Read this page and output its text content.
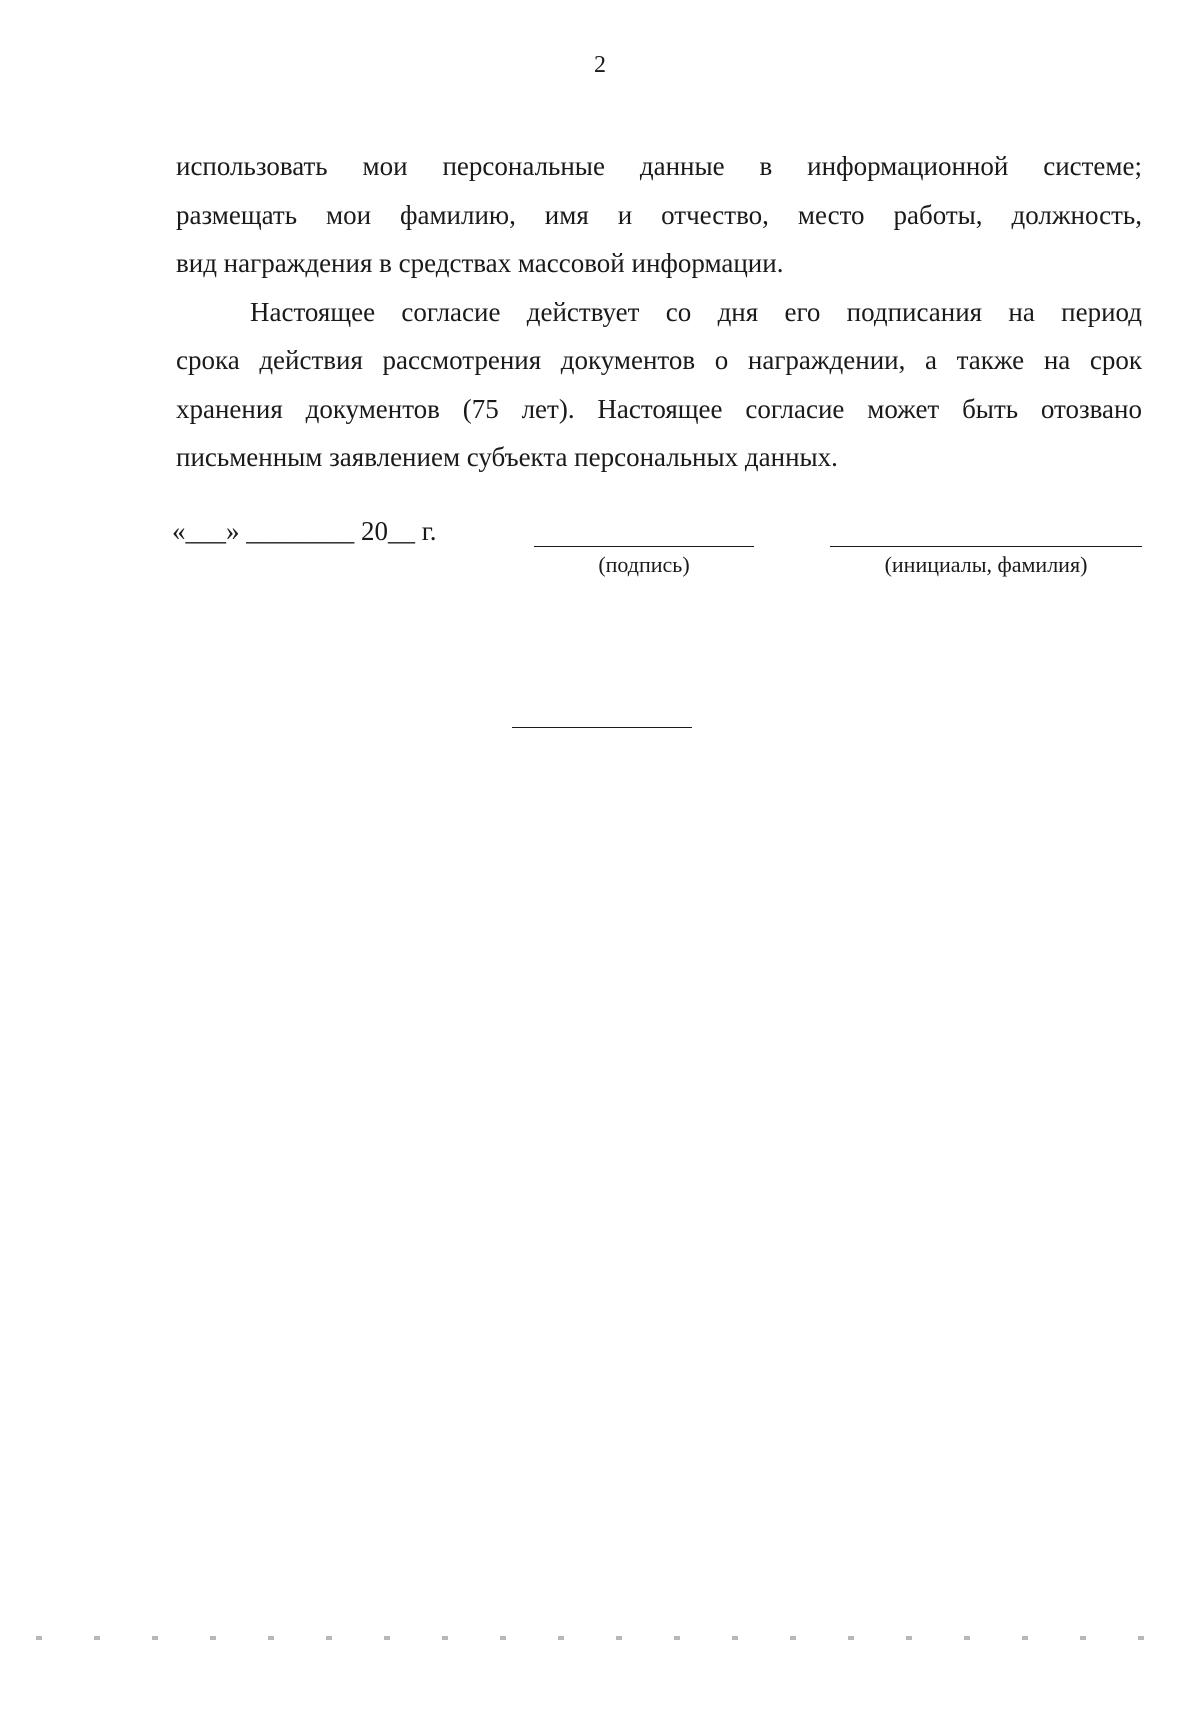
2

использовать мои персональные данные в информационной системе;
размещать мои фамилию, имя и отчество, место работы, должность,
вид награждения в средствах массовой информации.

Настоящее согласие действует со дня его подписания на период
срока действия рассмотрения документов о награждении, а также на срок
хранения документов (75 лет). Настоящее согласие может быть отозвано
письменным заявлением субъекта персональных данных.

«___» ________ 20__ г.
(подпись)	(инициалы, фамилия)
